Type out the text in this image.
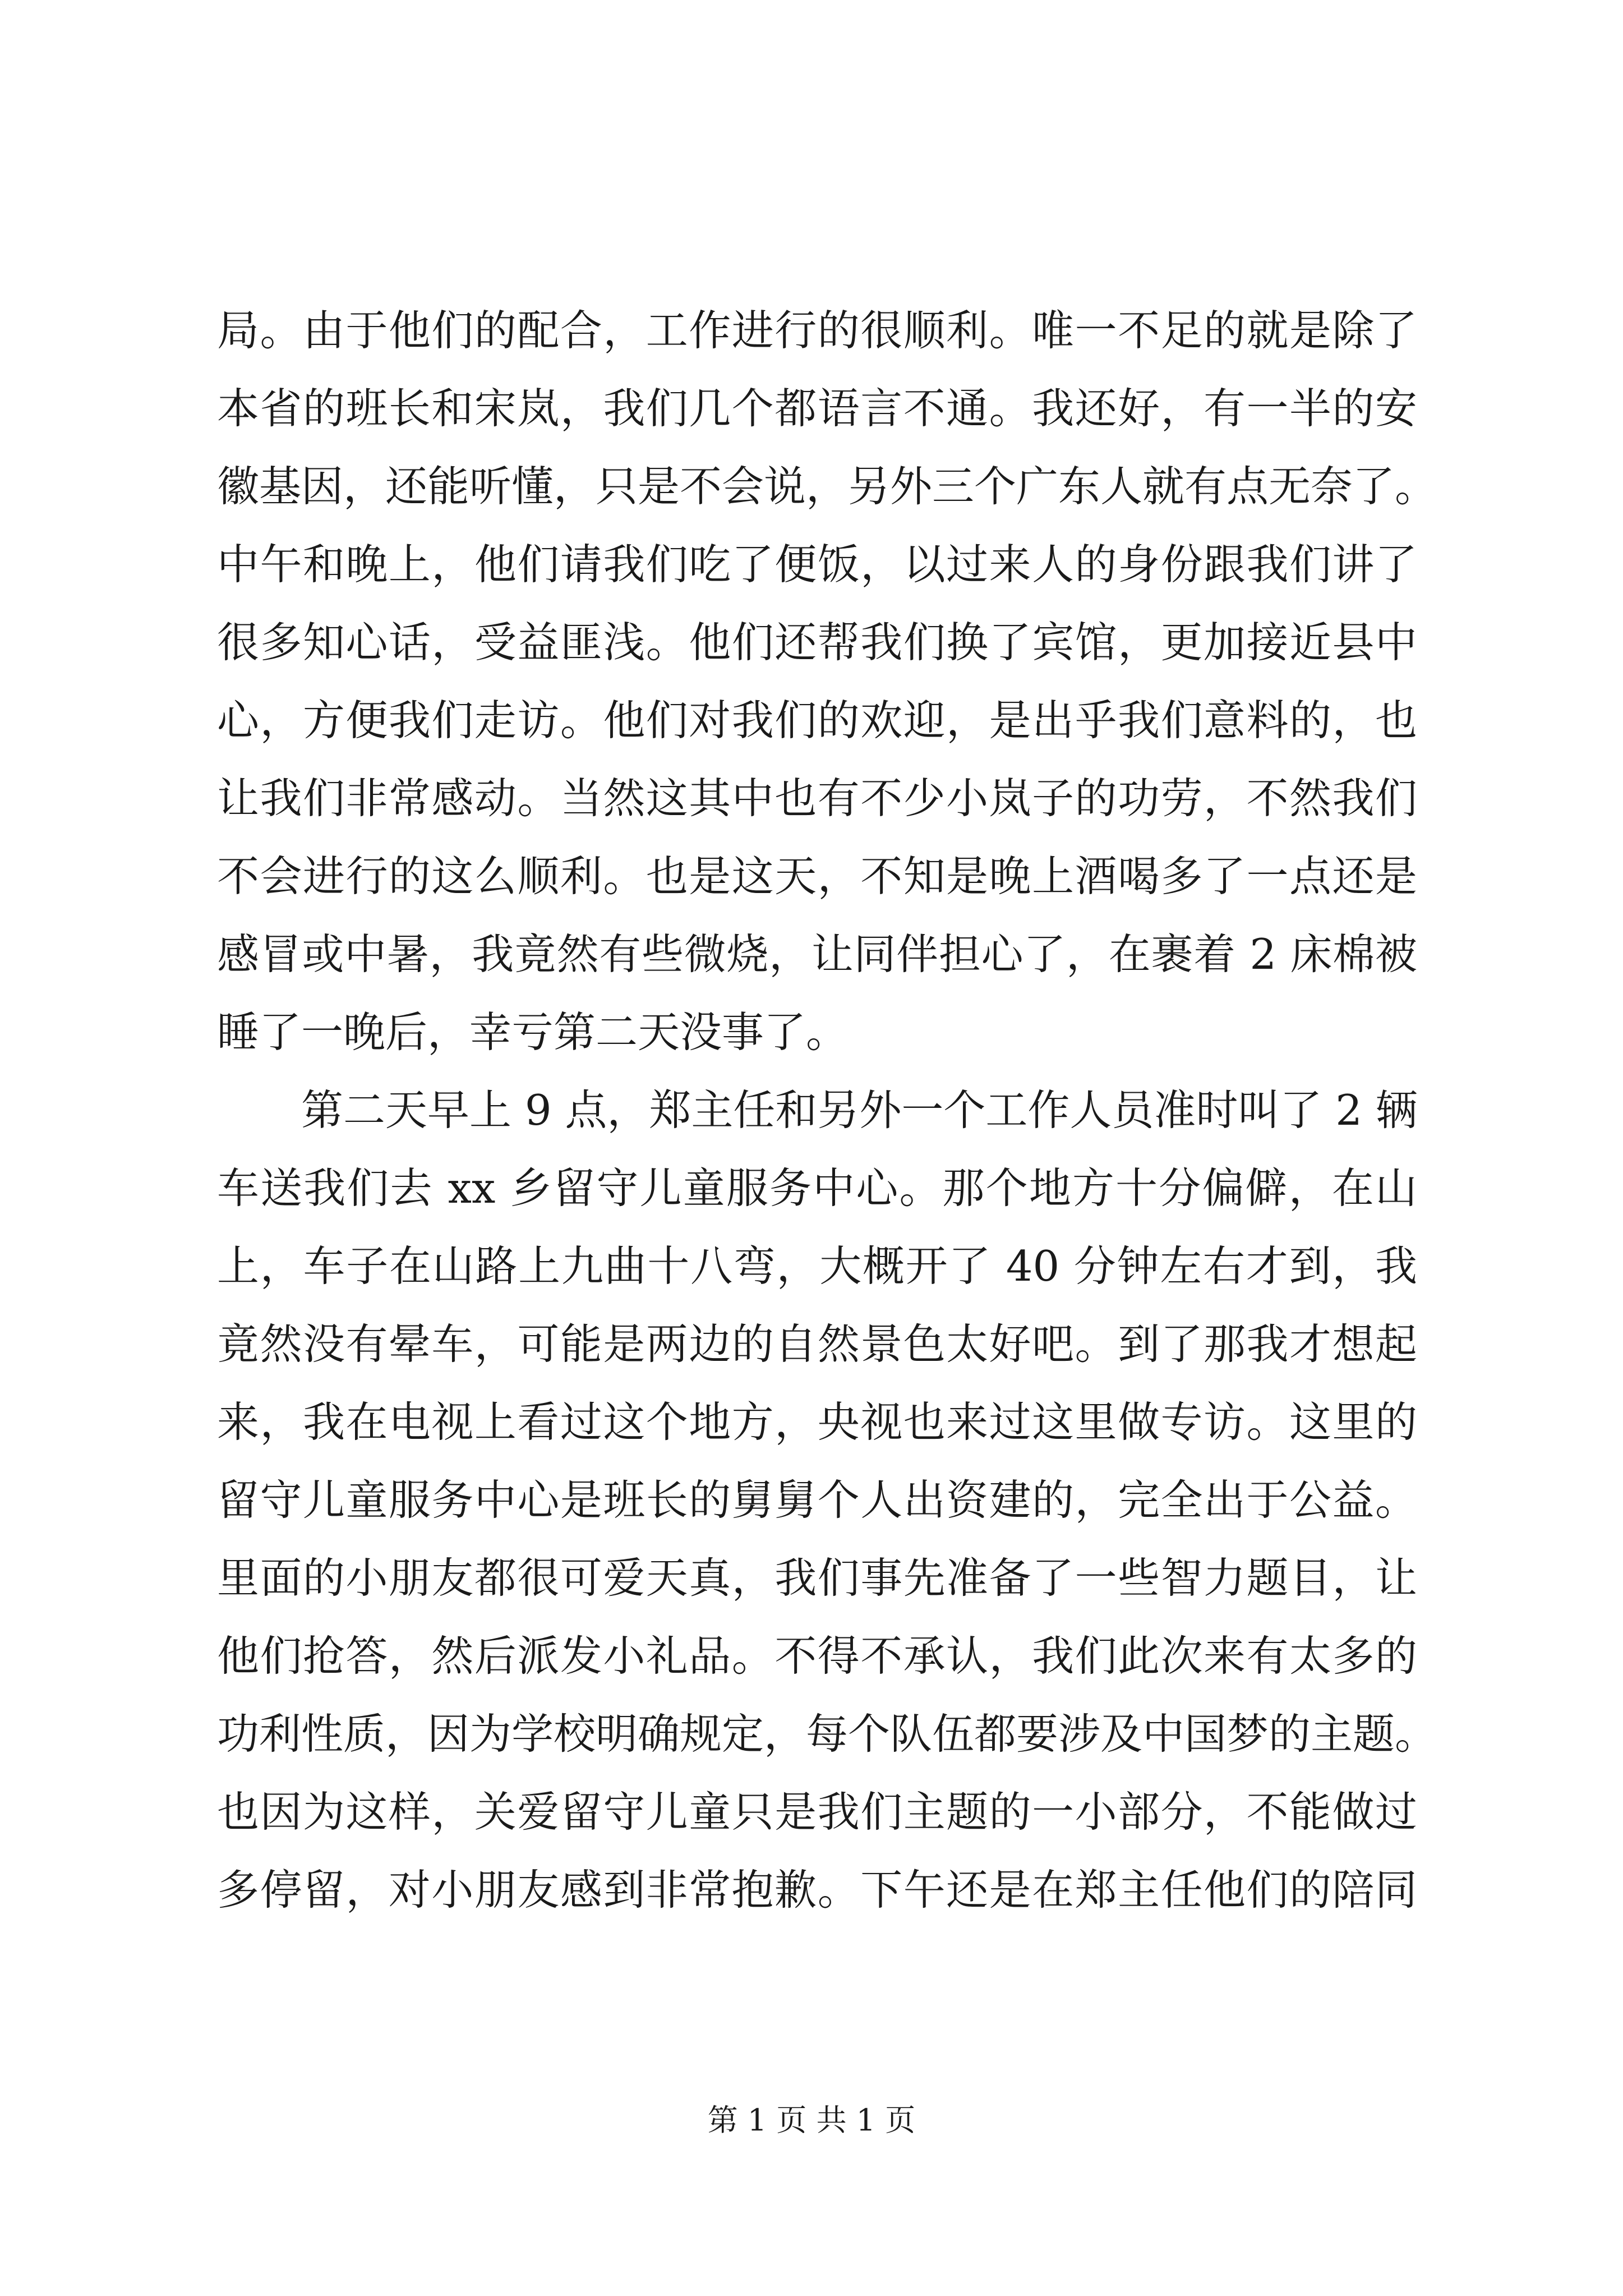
局。由于他们的配合，工作进行的很顺利。唯一不足的就是除了
本省的班长和宋岚，我们几个都语言不通。我还好，有一半的安
徽基因，还能听懂，只是不会说，另外三个广东人就有点无奈了。
中午和晚上，他们请我们吃了便饭，以过来人的身份跟我们讲了
很多知心话，受益匪浅。他们还帮我们换了宾馆，更加接近县中
心，方便我们走访。他们对我们的欢迎，是出乎我们意料的，也
让我们非常感动。当然这其中也有不少小岚子的功劳，不然我们
不会进行的这么顺利。也是这天，不知是晚上酒喝多了一点还是
感冒或中暑，我竟然有些微烧，让同伴担心了，在裹着 2 床棉被
睡了一晚后，幸亏第二天没事了。
第二天早上 9 点，郑主任和另外一个工作人员准时叫了 2 辆
车送我们去 xx 乡留守儿童服务中心。那个地方十分偏僻，在山
上，车子在山路上九曲十八弯，大概开了 40 分钟左右才到，我
竟然没有晕车，可能是两边的自然景色太好吧。到了那我才想起
来，我在电视上看过这个地方，央视也来过这里做专访。这里的
留守儿童服务中心是班长的舅舅个人出资建的，完全出于公益。
里面的小朋友都很可爱天真，我们事先准备了一些智力题目，让
他们抢答，然后派发小礼品。不得不承认，我们此次来有太多的
功利性质，因为学校明确规定，每个队伍都要涉及中国梦的主题。
也因为这样，关爱留守儿童只是我们主题的一小部分，不能做过
多停留，对小朋友感到非常抱歉。下午还是在郑主任他们的陪同
第 1 页 共 1 页
